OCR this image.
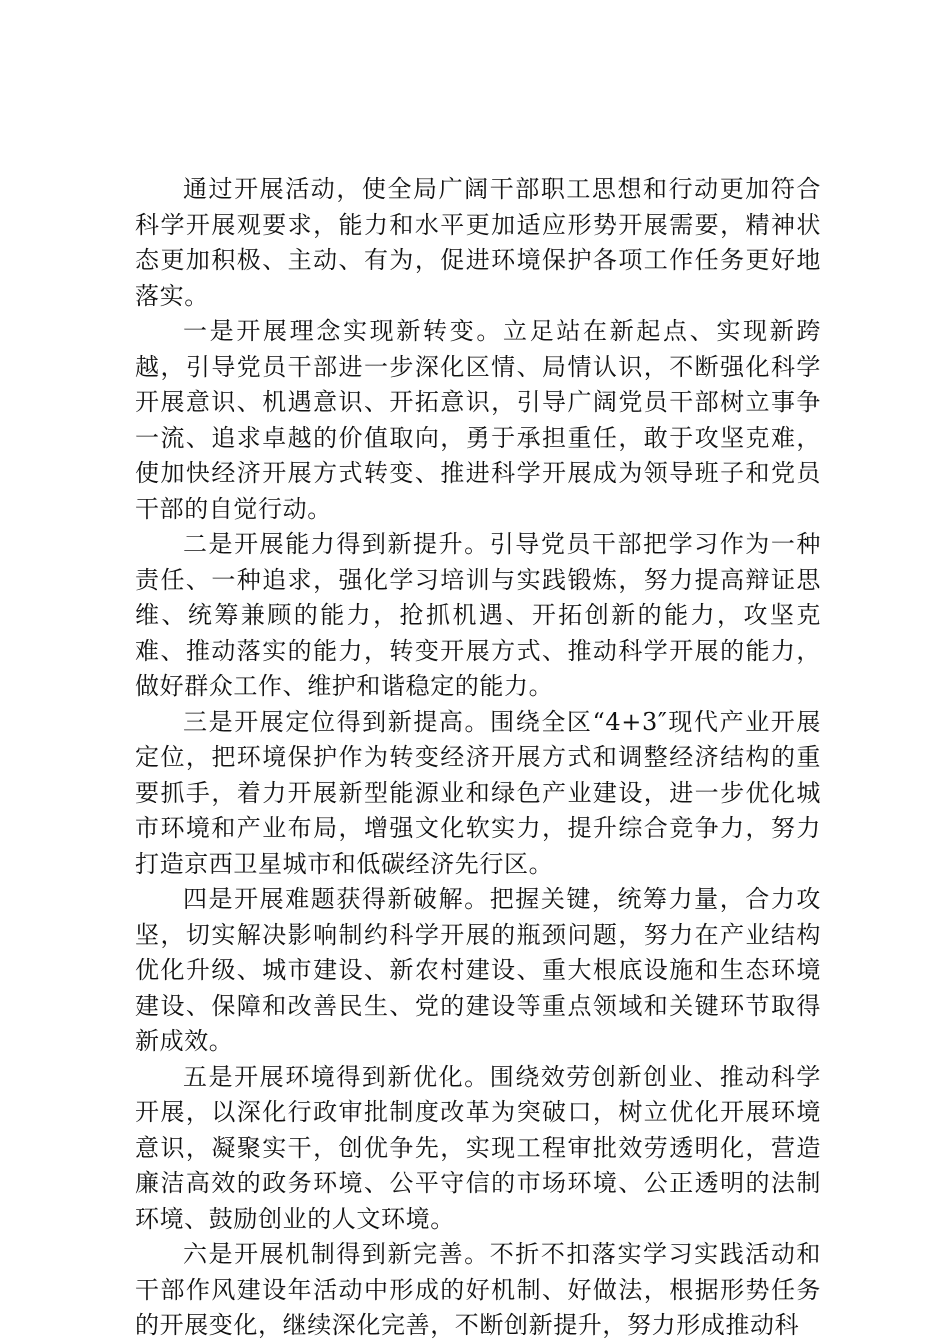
通过开展活动，使全局广阔干部职工思想和行动更加符合科学开展观要求，能力和水平更加适应形势开展需要，精神状态更加积极、主动、有为，促进环境保护各项工作任务更好地落实。

一是开展理念实现新转变。立足站在新起点、实现新跨越，引导党员干部进一步深化区情、局情认识，不断强化科学开展意识、机遇意识、开拓意识，引导广阔党员干部树立事争一流、追求卓越的价值取向，勇于承担重任，敢于攻坚克难，使加快经济开展方式转变、推进科学开展成为领导班子和党员干部的自觉行动。

二是开展能力得到新提升。引导党员干部把学习作为一种责任、一种追求，强化学习培训与实践锻炼，努力提高辩证思维、统筹兼顾的能力，抢抓机遇、开拓创新的能力，攻坚克难、推动落实的能力，转变开展方式、推动科学开展的能力，做好群众工作、维护和谐稳定的能力。

三是开展定位得到新提高。围绕全区“4+3″现代产业开展定位，把环境保护作为转变经济开展方式和调整经济结构的重要抓手，着力开展新型能源业和绿色产业建设，进一步优化城市环境和产业布局，增强文化软实力，提升综合竞争力，努力打造京西卫星城市和低碳经济先行区。

四是开展难题获得新破解。把握关键，统筹力量，合力攻坚，切实解决影响制约科学开展的瓶颈问题，努力在产业结构优化升级、城市建设、新农村建设、重大根底设施和生态环境建设、保障和改善民生、党的建设等重点领域和关键环节取得新成效。

五是开展环境得到新优化。围绕效劳创新创业、推动科学开展，以深化行政审批制度改革为突破口，树立优化开展环境意识，凝聚实干，创优争先，实现工程审批效劳透明化，营造廉洁高效的政务环境、公平守信的市场环境、公正透明的法制环境、鼓励创业的人文环境。

六是开展机制得到新完善。不折不扣落实学习实践活动和干部作风建设年活动中形成的好机制、好做法，根据形势任务的开展变化，继续深化完善，不断创新提升，努力形成推动科
